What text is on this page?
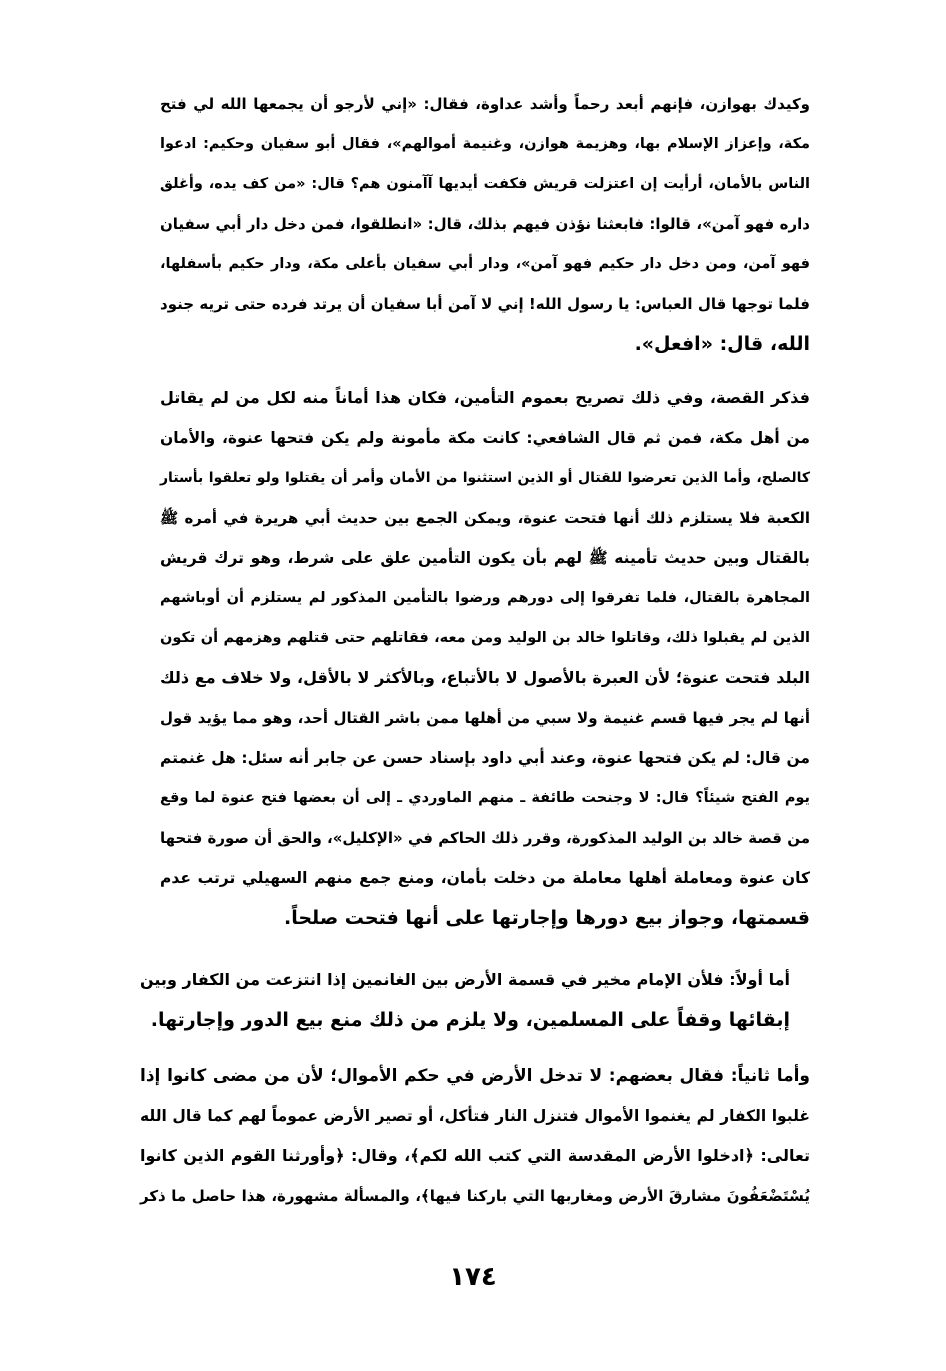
وكيدك بهوازن، فإنهم أبعد رحماً وأشد عداوة، فقال: «إني لأرجو أن يجمعها الله لي فتح
مكة، وإعزاز الإسلام بها، وهزيمة هوازن، وغنيمة أموالهم»، فقال أبو سفيان وحكيم: ادعوا
الناس بالأمان، أرأيت إن اعتزلت قريش فكفت أيديها آآمنون هم؟ قال: «من كف يده، وأغلق
داره فهو آمن»، قالوا: فابعثنا نؤذن فيهم بذلك، قال: «انطلقوا، فمن دخل دار أبي سفيان
فهو آمن، ومن دخل دار حكيم فهو آمن»، ودار أبي سفيان بأعلى مكة، ودار حكيم بأسفلها،
فلما توجها قال العباس: يا رسول الله! إني لا آمن أبا سفيان أن يرتد فرده حتى تريه جنود
الله، قال: «افعل».
فذكر القصة، وفي ذلك تصريح بعموم التأمين، فكان هذا أماناً منه لكل من لم يقاتل
من أهل مكة، فمن ثم قال الشافعي: كانت مكة مأمونة ولم يكن فتحها عنوة، والأمان
كالصلح، وأما الذين تعرضوا للقتال أو الذين استثنوا من الأمان وأمر أن يقتلوا ولو تعلقوا بأستار
الكعبة فلا يستلزم ذلك أنها فتحت عنوة، ويمكن الجمع بين حديث أبي هريرة في أمره ﷺ
بالقتال وبين حديث تأمينه ﷺ لهم بأن يكون التأمين علق على شرط، وهو ترك قريش
المجاهرة بالقتال، فلما تفرقوا إلى دورهم ورضوا بالتأمين المذكور لم يستلزم أن أوباشهم
الذين لم يقبلوا ذلك، وقاتلوا خالد بن الوليد ومن معه، فقاتلهم حتى قتلهم وهزمهم أن تكون
البلد فتحت عنوة؛ لأن العبرة بالأصول لا بالأتباع، وبالأكثر لا بالأقل، ولا خلاف مع ذلك
أنها لم يجر فيها قسم غنيمة ولا سبي من أهلها ممن باشر القتال أحد، وهو مما يؤيد قول
من قال: لم يكن فتحها عنوة، وعند أبي داود بإسناد حسن عن جابر أنه سئل: هل غنمتم
يوم الفتح شيئاً؟ قال: لا وجنحت طائفة ـ منهم الماوردي ـ إلى أن بعضها فتح عنوة لما وقع
من قصة خالد بن الوليد المذكورة، وقرر ذلك الحاكم في «الإكليل»، والحق أن صورة فتحها
كان عنوة ومعاملة أهلها معاملة من دخلت بأمان، ومنع جمع منهم السهيلي ترتب عدم
قسمتها، وجواز بيع دورها وإجارتها على أنها فتحت صلحاً.
أما أولاً: فلأن الإمام مخير في قسمة الأرض بين الغانمين إذا انتزعت من الكفار وبين
إبقائها وقفاً على المسلمين، ولا يلزم من ذلك منع بيع الدور وإجارتها.
وأما ثانياً: فقال بعضهم: لا تدخل الأرض في حكم الأموال؛ لأن من مضى كانوا إذا
غلبوا الكفار لم يغنموا الأموال فتنزل النار فتأكل، أو تصير الأرض عموماً لهم كما قال الله
تعالى: ﴿ادخلوا الأرض المقدسة التي كتب الله لكم﴾، وقال: ﴿وأورثنا القوم الذين كانوا
يُسْتَضْعَفُونَ مشارقَ الأرض ومغاربها التي باركنا فيها﴾، والمسألة مشهورة، هذا حاصل ما ذكر
١٧٤
